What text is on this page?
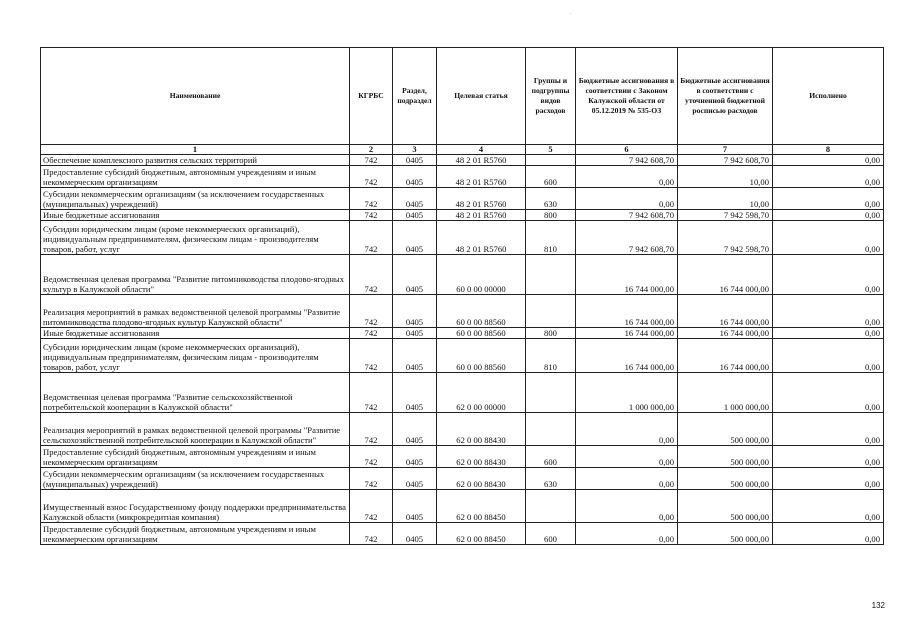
.
Наименование	КГРБС	Раздел, подраздел	Целевая статья	Группы и подгруппы видов расходов	Бюджетные ассигнования в соответствии с Законом Калужской области от 05.12.2019 № 535-ОЗ	Бюджетные ассигнования в соответствии с уточненной бюджетной росписью расходов	Исполнено
1	2	3	4	5	6	7	8
Обеспечение комплексного развития сельских территорий	742	0405	48 2 01 R5760		7 942 608,70	7 942 608,70	0,00
Предоставление субсидий бюджетным, автономным учреждениям и иным некоммерческим организациям	742	0405	48 2 01 R5760	600	0,00	10,00	0,00
Субсидии некоммерческим организациям (за исключением государственных (муниципальных) учреждений)	742	0405	48 2 01 R5760	630	0,00	10,00	0,00
Иные бюджетные ассигнования	742	0405	48 2 01 R5760	800	7 942 608,70	7 942 598,70	0,00
Субсидии юридическим лицам (кроме некоммерческих организаций), индивидуальным предпринимателям, физическим лицам - производителям товаров, работ, услуг	742	0405	48 2 01 R5760	810	7 942 608,70	7 942 598,70	0,00
Ведомственная целевая программа "Развитие питомниководства плодово-ягодных культур в Калужской области"	742	0405	60 0 00 00000		16 744 000,00	16 744 000,00	0,00
Реализация мероприятий в рамках ведомственной целевой программы "Развитие питомниководства плодово-ягодных культур Калужской области"	742	0405	60 0 00 88560		16 744 000,00	16 744 000,00	0,00
Иные бюджетные ассигнования	742	0405	60 0 00 88560	800	16 744 000,00	16 744 000,00	0,00
Субсидии юридическим лицам (кроме некоммерческих организаций), индивидуальным предпринимателям, физическим лицам - производителям товаров, работ, услуг	742	0405	60 0 00 88560	810	16 744 000,00	16 744 000,00	0,00
Ведомственная целевая программа "Развитие сельскохозяйственной потребительской кооперации в Калужской области"	742	0405	62 0 00 00000		1 000 000,00	1 000 000,00	0,00
Реализация мероприятий в рамках ведомственной целевой программы "Развитие сельскохозяйственной потребительской кооперации в Калужской области"	742	0405	62 0 00 88430		0,00	500 000,00	0,00
Предоставление субсидий бюджетным, автономным учреждениям и иным некоммерческим организациям	742	0405	62 0 00 88430	600	0,00	500 000,00	0,00
Субсидии некоммерческим организациям (за исключением государственных (муниципальных) учреждений)	742	0405	62 0 00 88430	630	0,00	500 000,00	0,00
Имущественный взнос Государственному фонду поддержки предпринимательства Калужской области (микрокредитная компания)	742	0405	62 0 00 88450		0,00	500 000,00	0,00
Предоставление субсидий бюджетным, автономным учреждениям и иным некоммерческим организациям	742	0405	62 0 00 88450	600	0,00	500 000,00	0,00
132
